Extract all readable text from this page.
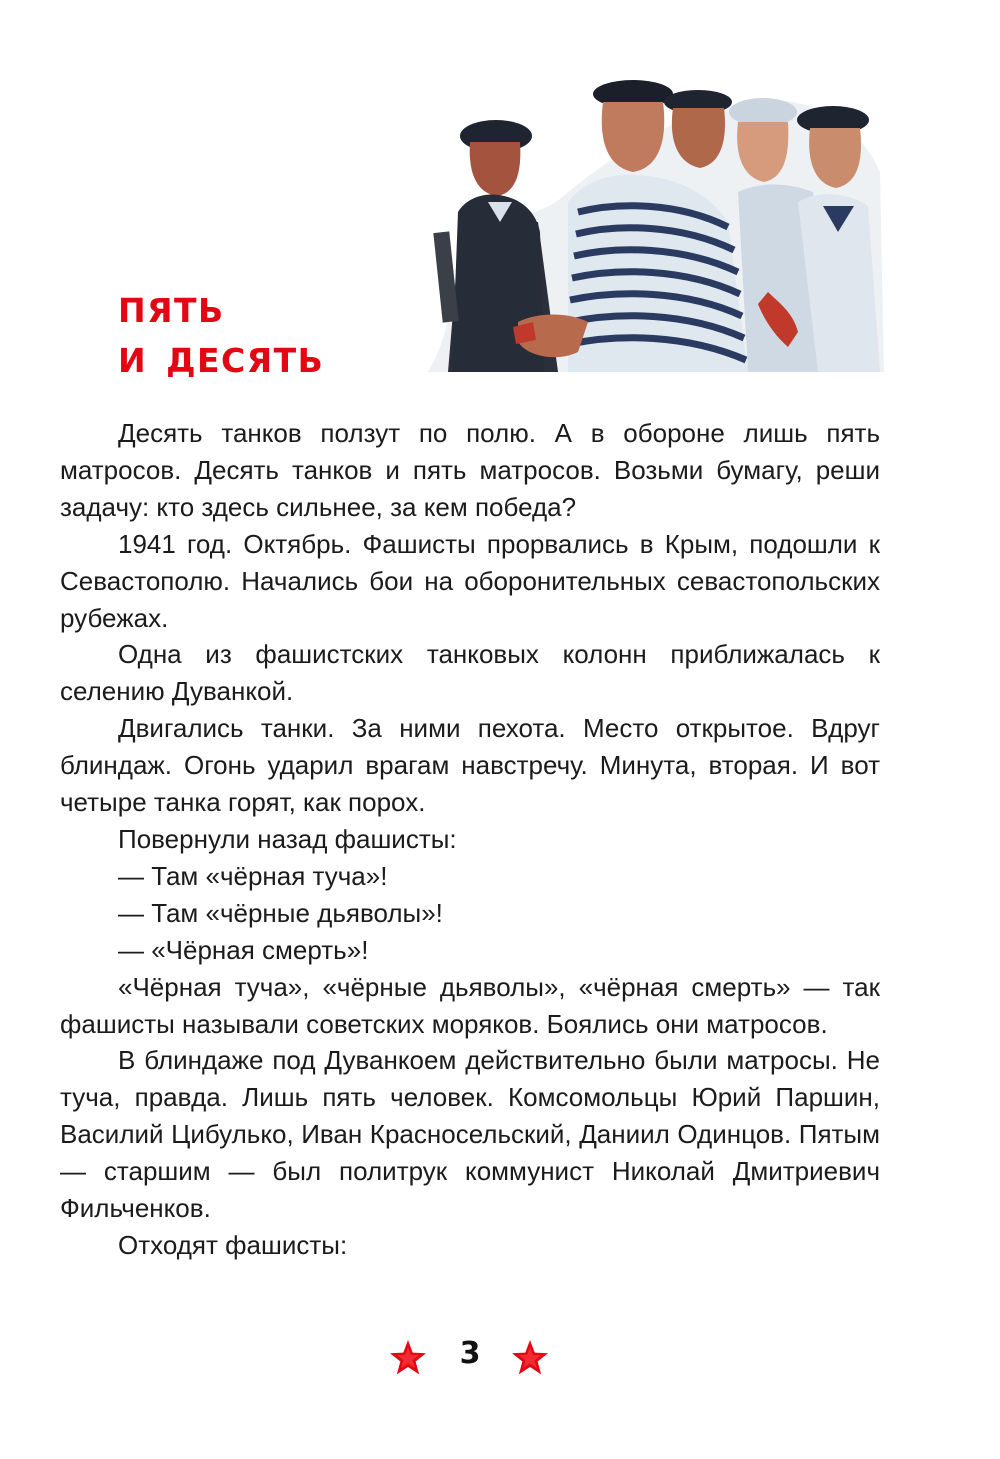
ПЯТЬ
И ДЕСЯТЬ

Десять танков ползут по полю. А в обороне лишь пять матросов. Десять танков и пять матросов. Возьми бумагу, реши задачу: кто здесь сильнее, за кем победа?

1941 год. Октябрь. Фашисты прорвались в Крым, подошли к Севастополю. Начались бои на оборонительных севастопольских рубежах.

Одна из фашистских танковых колонн приближалась к селению Дуванкой.

Двигались танки. За ними пехота. Место открытое. Вдруг блиндаж. Огонь ударил врагам навстречу. Минута, вторая. И вот четыре танка горят, как порох.

Повернули назад фашисты:

— Там «чёрная туча»!

— Там «чёрные дьяволы»!

— «Чёрная смерть»!

«Чёрная туча», «чёрные дьяволы», «чёрная смерть» — так фашисты называли советских моряков. Боялись они матросов.

В блиндаже под Дуванкоем действительно были матросы. Не туча, правда. Лишь пять человек. Комсомольцы Юрий Паршин, Василий Цибулько, Иван Красносельский, Даниил Одинцов. Пятым — старшим — был политрук коммунист Николай Дмитриевич Фильченков.

Отходят фашисты:

3
